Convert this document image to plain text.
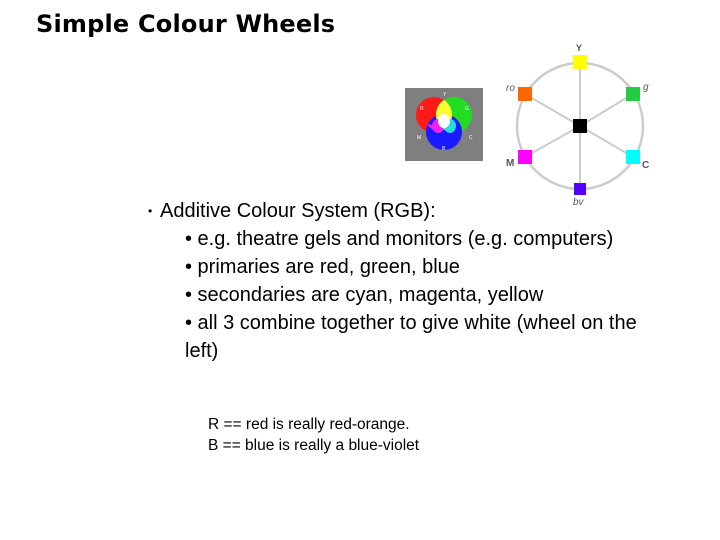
Simple Colour Wheels
Y
R	G
M	C
B
Y
g
C
bv
M
ro
• Additive Colour System (RGB):
• e.g. theatre gels and monitors (e.g. computers)
• primaries are red, green, blue
• secondaries are cyan, magenta, yellow
• all 3 combine together to give white (wheel on the left)
R == red is really red-orange.
B == blue is really a blue-violet
